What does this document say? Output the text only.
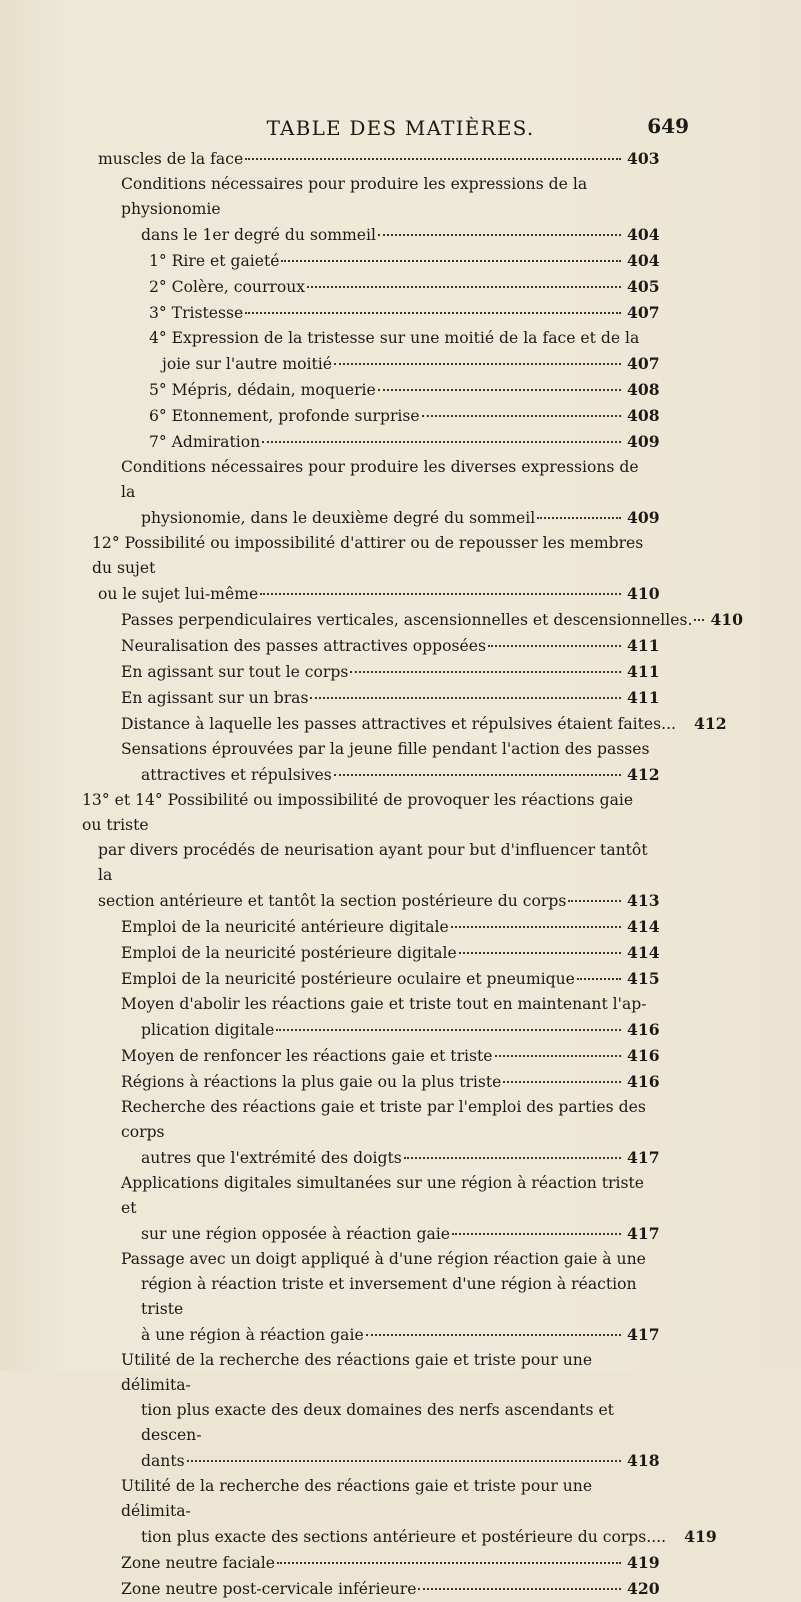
TABLE DES MATIÈRES.	649
muscles de la face	403
Conditions nécessaires pour produire les expressions de la physionomie
dans le 1er degré du sommeil	404
1° Rire et gaieté	404
2° Colère, courroux	405
3° Tristesse	407
4° Expression de la tristesse sur une moitié de la face et de la
joie sur l'autre moitié	407
5° Mépris, dédain, moquerie	408
6° Etonnement, profonde surprise	408
7° Admiration	409
Conditions nécessaires pour produire les diverses expressions de la
physionomie, dans le deuxième degré du sommeil	409
12° Possibilité ou impossibilité d'attirer ou de repousser les membres du sujet
ou le sujet lui-même	410
Passes perpendiculaires verticales, ascensionnelles et descensionnelles. 410
Neuralisation des passes attractives opposées	411
En agissant sur tout le corps	411
En agissant sur un bras	411
Distance à laquelle les passes attractives et répulsives étaient faites... 412
Sensations éprouvées par la jeune fille pendant l'action des passes
attractives et répulsives	412
13° et 14° Possibilité ou impossibilité de provoquer les réactions gaie ou triste
par divers procédés de neurisation ayant pour but d'influencer tantôt la
section antérieure et tantôt la section postérieure du corps	413
Emploi de la neuricité antérieure digitale	414
Emploi de la neuricité postérieure digitale	414
Emploi de la neuricité postérieure oculaire et pneumique	415
Moyen d'abolir les réactions gaie et triste tout en maintenant l'ap-
plication digitale	416
Moyen de renfoncer les réactions gaie et triste	416
Régions à réactions la plus gaie ou la plus triste	416
Recherche des réactions gaie et triste par l'emploi des parties des corps
autres que l'extrémité des doigts	417
Applications digitales simultanées sur une région à réaction triste et
sur une région opposée à réaction gaie	417
Passage avec un doigt appliqué à d'une région réaction gaie à une
région à réaction triste et inversement d'une région à réaction triste
à une région à réaction gaie	417
Utilité de la recherche des réactions gaie et triste pour une délimita-
tion plus exacte des deux domaines des nerfs ascendants et descen-
dants	418
Utilité de la recherche des réactions gaie et triste pour une délimita-
tion plus exacte des sections antérieure et postérieure du corps.... 419
Zone neutre faciale	419
Zone neutre post-cervicale inférieure	420
